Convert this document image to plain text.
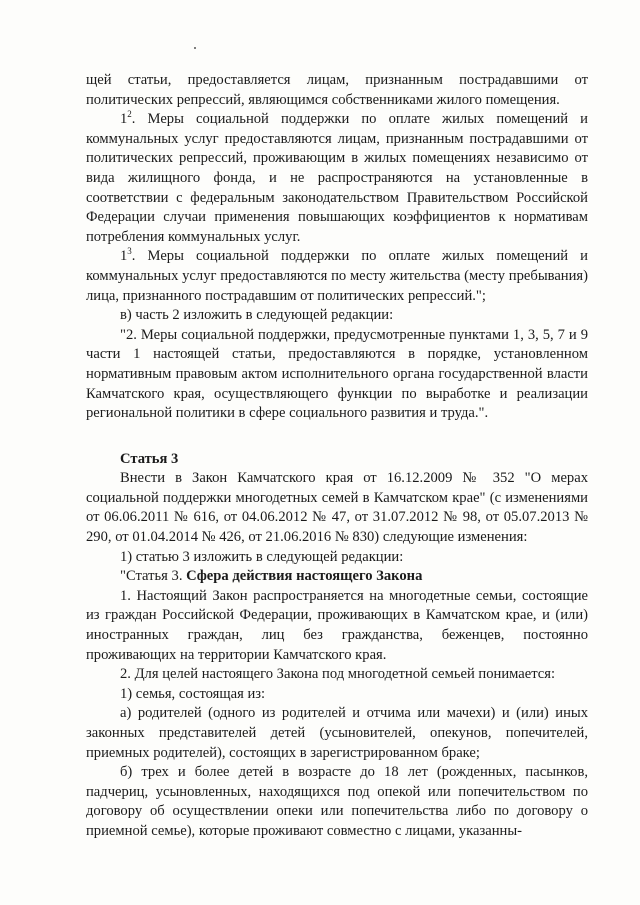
щей статьи, предоставляется лицам, признанным пострадавшими от политических репрессий, являющимся собственниками жилого помещения.

$1^2$. Меры социальной поддержки по оплате жилых помещений и коммунальных услуг предоставляются лицам, признанным пострадавшими от политических репрессий, проживающим в жилых помещениях независимо от вида жилищного фонда, и не распространяются на установленные в соответствии с федеральным законодательством Правительством Российской Федерации случаи применения повышающих коэффициентов к нормативам потребления коммунальных услуг.

$1^3$. Меры социальной поддержки по оплате жилых помещений и коммунальных услуг предоставляются по месту жительства (месту пребывания) лица, признанного пострадавшим от политических репрессий.";

в) часть 2 изложить в следующей редакции:

"2. Меры социальной поддержки, предусмотренные пунктами 1, 3, 5, 7 и 9 части 1 настоящей статьи, предоставляются в порядке, установленном нормативным правовым актом исполнительного органа государственной власти Камчатского края, осуществляющего функции по выработке и реализации региональной политики в сфере социального развития и труда.".

Статья 3

Внести в Закон Камчатского края от 16.12.2009 № 352 "О мерах социальной поддержки многодетных семей в Камчатском крае" (с изменениями от 06.06.2011 № 616, от 04.06.2012 № 47, от 31.07.2012 № 98, от 05.07.2013 № 290, от 01.04.2014 № 426, от 21.06.2016 № 830) следующие изменения:

1) статью 3 изложить в следующей редакции:

"Статья 3. Сфера действия настоящего Закона

1. Настоящий Закон распространяется на многодетные семьи, состоящие из граждан Российской Федерации, проживающих в Камчатском крае, и (или) иностранных граждан, лиц без гражданства, беженцев, постоянно проживающих на территории Камчатского края.

2. Для целей настоящего Закона под многодетной семьей понимается:

1) семья, состоящая из:

а) родителей (одного из родителей и отчима или мачехи) и (или) иных законных представителей детей (усыновителей, опекунов, попечителей, приемных родителей), состоящих в зарегистрированном браке;

б) трех и более детей в возрасте до 18 лет (рожденных, пасынков, падчериц, усыновленных, находящихся под опекой или попечительством по договору об осуществлении опеки или попечительства либо по договору о приемной семье), которые проживают совместно с лицами, указанны-
